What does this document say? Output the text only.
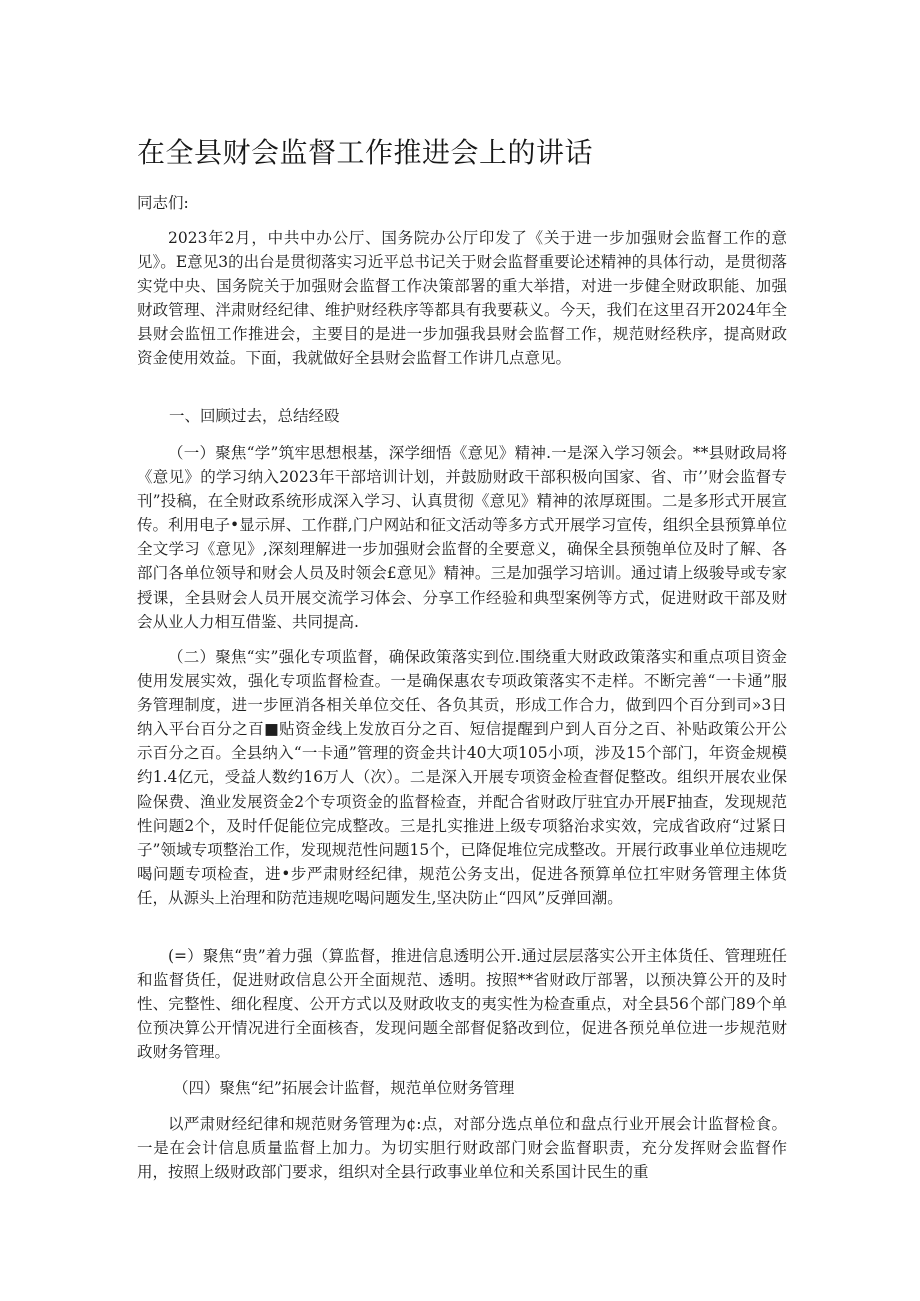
在全县财会监督工作推进会上的讲话

同志们:

2023年2月，中共中办公厅、国务院办公厅印发了《关于进一步加强财会监督工作的意见》。E意见3的出台是贯彻落实习近平总书记关于财会监督重要论述精神的具体行动，是贯彻落实党中央、国务院关于加强财会监督工作决策部署的重大举措，对进一步健全财政职能、加强财政管理、泮肃财经纪律、维护财经秩序等都具有我要萩义。今天，我们在这里召开2024年全县财会监忸工作推进会，主要目的是进一步加强我县财会监督工作，规范财经秩序，提高财政资金使用效益。下面，我就做好全县财会监督工作讲几点意见。

一、回顾过去，总结经殴

（一）聚焦“学”筑牢思想根基，深学细悟《意见》精神.一是深入学习领会。**县财政局将《意见》的学习纳入2023年干部培训计划，并鼓励财政干部积极向国家、省、市’’财会监督专刊”投稿，在全财政系统形成深入学习、认真贯彻《意见》精神的浓厚斑围。二是多形式开展宣传。利用电子•显示屏、工作群,门户网站和征文活动等多方式开展学习宣传，组织全县预算单位全文学习《意见》,深刻理解进一步加强财会监督的全要意义，确保全县预匏单位及时了解、各部门各单位领导和财会人员及时领会£意见》精神。三是加强学习培训。通过请上级骏导或专家授课，全县财会人员开展交流学习体会、分享工作经验和典型案例等方式，促进财政干部及财会从业人力相互借鉴、共同提高.

（二）聚焦“实”强化专项监督，确保政策落实到位.围绕重大财政政策落实和重点项目资金使用发展实效，强化专项监督检查。一是确保惠农专项政策落实不走样。不断完善“一卡通”服务管理制度，进一步匣消各相关单位交任、各负其贡，形成工作合力，做到四个百分到司»3日纳入平台百分之百■贴资金线上发放百分之百、短信提醒到户到人百分之百、补贴政策公开公示百分之百。全县纳入“一卡通”管理的资金共计40大项105小项，涉及15个部门，年资金规模约1.4亿元，受益人数约16万人（次）。二是深入开展专项资金检查督促整改。组织开展农业保险保费、渔业发展资金2个专项资金的监督检查，并配合省财政厅驻宜办开展F抽查，发现规范性问题2个，及时仟促能位完成整改。三是扎实推进上级专项貉治求实效，完成省政府“过紧日子”领域专项整治工作，发现规范性问题15个，已降促堆位完成整改。开展行政事业单位违规吃喝问题专项检查，进•步严肃财经纪律，规范公务支出，促进各预算单位扛牢财务管理主体货任，从源头上治理和防范违规吃喝问题发生,坚决防止“四风”反弹回潮。

(=）聚焦“贵”着力强（算监督，推进信息透明公开.通过层层落实公开主体货任、管理班任和监督货任，促进财政信息公开全面规范、透明。按照**省财政厅部署，以预决算公开的及时性、完整性、细化程度、公开方式以及财政收支的夷实性为检查重点，对全县56个部门89个单位预决算公开情况进行全面核杳，发现问题全部督促貉改到位，促进各预兑单位进一步规范财政财务管理。

（四）聚焦“纪”拓展会计监督，规范单位财务管理

以严肃财经纪律和规范财务管理为¢:点，对部分选点单位和盘点行业开展会计监督检食。一是在会计信息质量监督上加力。为切实胆行财政部门财会监督职责，充分发挥财会监督作用，按照上级财政部门要求，组织对全县行政事业单位和关系国计民生的重
